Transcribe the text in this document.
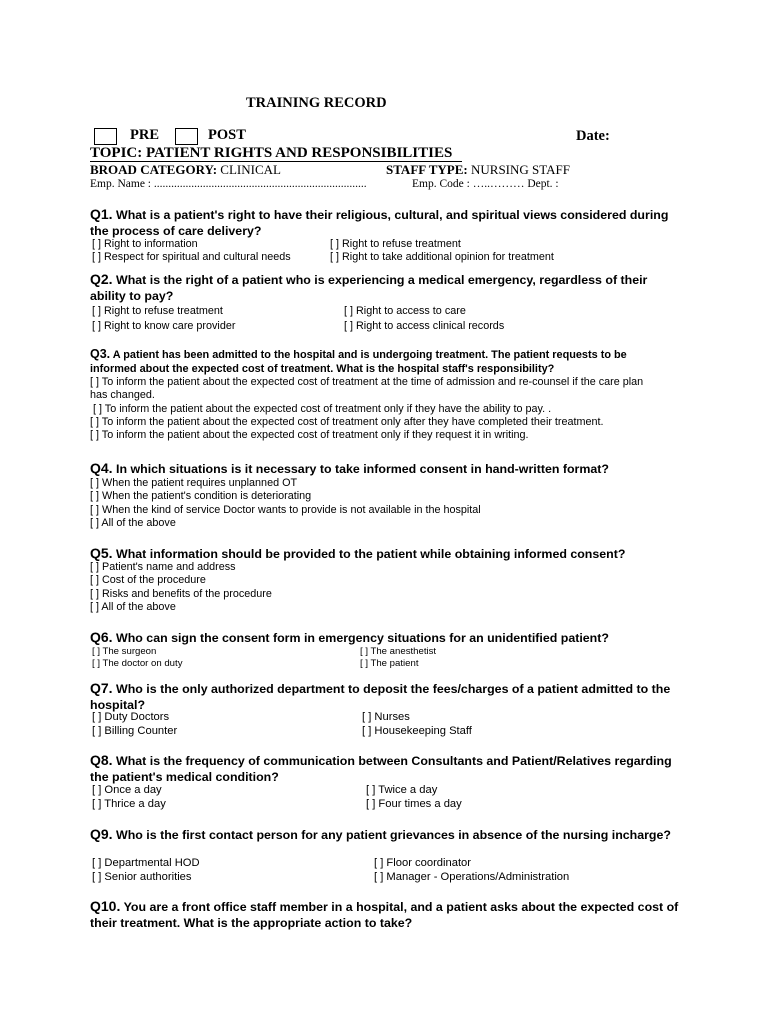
TRAINING RECORD
PRE	POST	Date:
TOPIC: PATIENT RIGHTS AND RESPONSIBILITIES
BROAD CATEGORY: CLINICAL	STAFF TYPE: NURSING STAFF
Emp. Name : ..........................................................................	Emp. Code : …..……… Dept. :
Q1. What is a patient's right to have their religious, cultural, and spiritual views considered during the process of care delivery?
[ ] Right to information	[ ] Right to refuse treatment
[ ] Respect for spiritual and cultural needs	[ ] Right to take additional opinion for treatment
Q2. What is the right of a patient who is experiencing a medical emergency, regardless of their ability to pay?
[ ] Right to refuse treatment	[ ] Right to access to care
[ ] Right to know care provider	[ ] Right to access clinical records
Q3. A patient has been admitted to the hospital and is undergoing treatment. The patient requests to be informed about the expected cost of treatment. What is the hospital staff's responsibility?
[ ] To inform the patient about the expected cost of treatment at the time of admission and re-counsel if the care plan has changed.
[ ] To inform the patient about the expected cost of treatment only if they have the ability to pay. .
[ ] To inform the patient about the expected cost of treatment only after they have completed their treatment.
[ ] To inform the patient about the expected cost of treatment only if they request it in writing.
Q4. In which situations is it necessary to take informed consent in hand-written format?
[ ] When the patient requires unplanned OT
[ ] When the patient's condition is deteriorating
[ ] When the kind of service Doctor wants to provide is not available in the hospital
[ ] All of the above
Q5. What information should be provided to the patient while obtaining informed consent?
[ ] Patient's name and address
[ ] Cost of the procedure
[ ] Risks and benefits of the procedure
[ ] All of the above
Q6. Who can sign the consent form in emergency situations for an unidentified patient?
[ ] The surgeon	[ ] The anesthetist
[ ] The doctor on duty	[ ] The patient
Q7. Who is the only authorized department to deposit the fees/charges of a patient admitted to the hospital?
[ ] Duty Doctors	[ ] Nurses
[ ] Billing Counter	[ ] Housekeeping Staff
Q8. What is the frequency of communication between Consultants and Patient/Relatives regarding the patient's medical condition?
[ ] Once a day	[ ] Twice a day
[ ] Thrice a day	[ ] Four times a day
Q9. Who is the first contact person for any patient grievances in absence of the nursing incharge?
[ ] Departmental HOD	[ ] Floor coordinator
[ ] Senior authorities	[ ] Manager - Operations/Administration
Q10. You are a front office staff member in a hospital, and a patient asks about the expected cost of their treatment. What is the appropriate action to take?
